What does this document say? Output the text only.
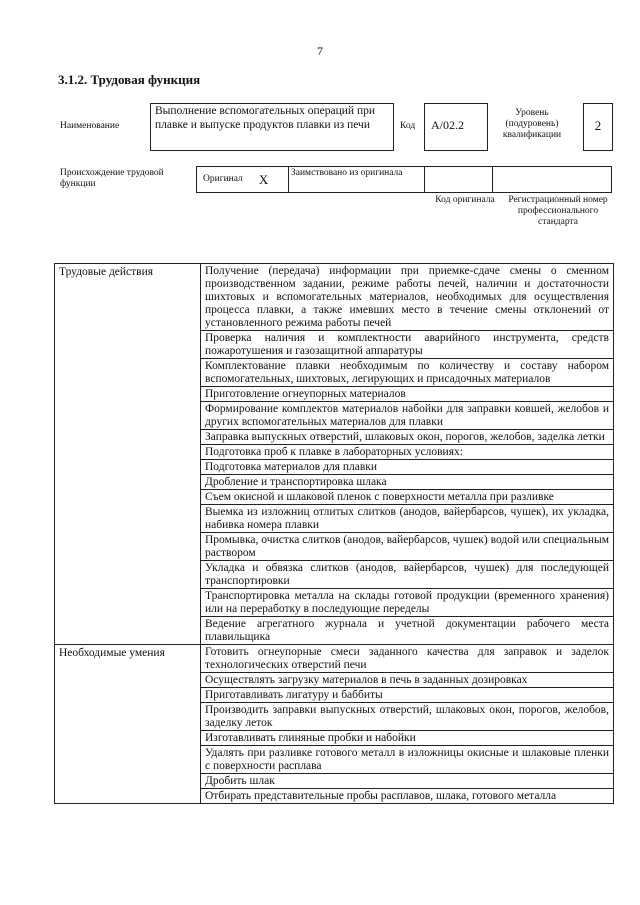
7
3.1.2. Трудовая функция
Наименование
Выполнение вспомогательных операций при плавке и выпуске продуктов плавки из печи	Код	А/02.2
Уровень (подуровень) квалификации
2
Происхождение трудовой функции	Оригинал X	Заимствовано из оригинала
Код оригинала	Регистрационный номер профессионального стандарта
Трудовые действия	Получение (передача) информации при приемке-сдаче смены о сменном производственном задании, режиме работы печей, наличии и достаточности шихтовых и вспомогательных материалов, необходимых для осуществления процесса плавки, а также имевших место в течение смены отклонений от установленного режима работы печей
	Проверка наличия и комплектности аварийного инструмента, средств пожаротушения и газозащитной аппаратуры
	Комплектование плавки необходимым по количеству и составу набором вспомогательных, шихтовых, легирующих и присадочных материалов
	Приготовление огнеупорных материалов
	Формирование комплектов материалов набойки для заправки ковшей, желобов и других вспомогательных материалов для плавки
	Заправка выпускных отверстий, шлаковых окон, порогов, желобов, заделка летки
	Подготовка проб к плавке в лабораторных условиях:
	Подготовка материалов для плавки
	Дробление и транспортировка шлака
	Съем окисной и шлаковой пленок с поверхности металла при разливке
	Выемка из изложниц отлитых слитков (анодов, вайербарсов, чушек), их укладка, набивка номера плавки
	Промывка, очистка слитков (анодов, вайербарсов, чушек) водой или специальным раствором
	Укладка и обвязка слитков (анодов, вайербарсов, чушек) для последующей транспортировки
	Транспортировка металла на склады готовой продукции (временного хранения) или на переработку в последующие переделы
	Ведение агрегатного журнала и учетной документации рабочего места плавильщика
Необходимые умения	Готовить огнеупорные смеси заданного качества для заправок и заделок технологических отверстий печи
	Осуществлять загрузку материалов в печь в заданных дозировках
	Приготавливать лигатуру и баббиты
	Производить заправки выпускных отверстий, шлаковых окон, порогов, желобов, заделку леток
	Изготавливать глиняные пробки и набойки
	Удалять при разливке готового металл в изложницы окисные и шлаковые пленки с поверхности расплава
	Дробить шлак
	Отбирать представительные пробы расплавов, шлака, готового металла
